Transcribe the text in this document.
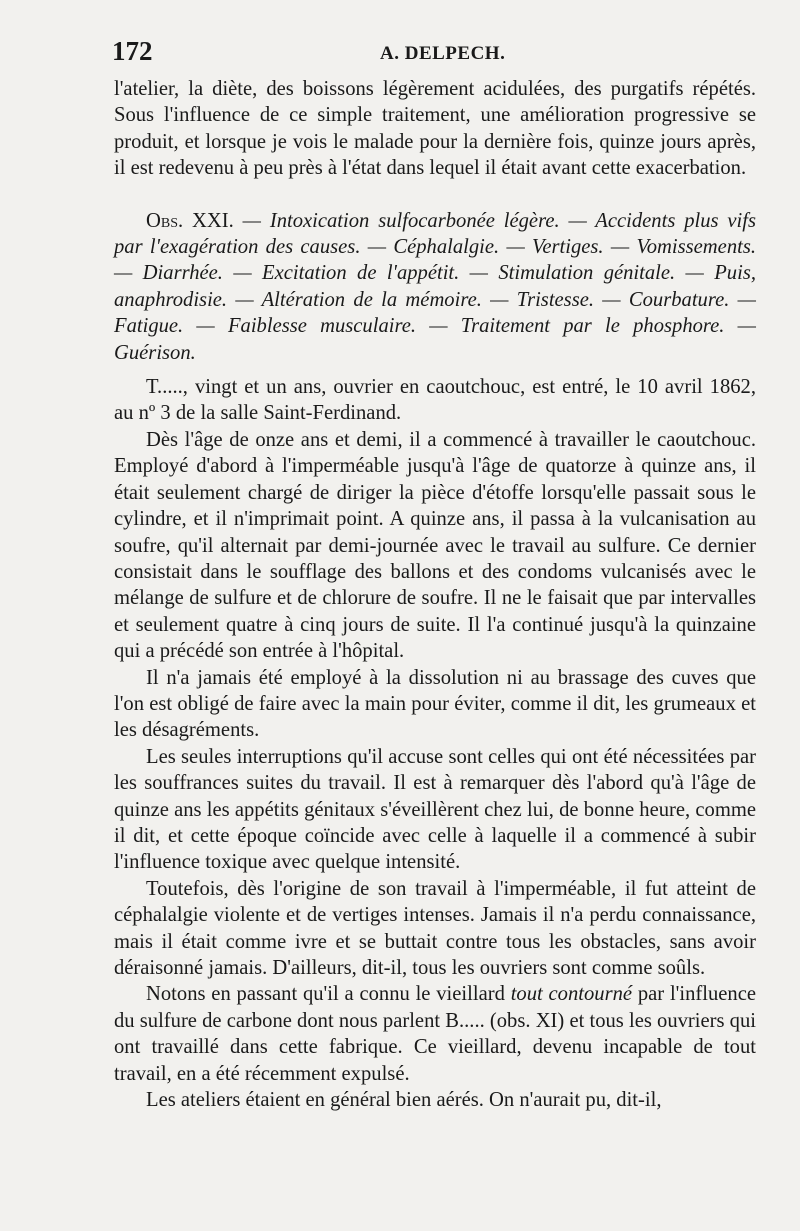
172	A. DELPECH.

l'atelier, la diète, des boissons légèrement acidulées, des purgatifs répétés. Sous l'influence de ce simple traitement, une amélioration progressive se produit, et lorsque je vois le malade pour la dernière fois, quinze jours après, il est redevenu à peu près à l'état dans lequel il était avant cette exacerbation.

Obs. XXI. — Intoxication sulfocarbonée légère. — Accidents plus vifs par l'exagération des causes. — Céphalalgie. — Vertiges. — Vomissements. — Diarrhée. — Excitation de l'appétit. — Stimulation génitale. — Puis, anaphrodisie. — Altération de la mémoire. — Tristesse. — Courbature. — Fatigue. — Faiblesse musculaire. — Traitement par le phosphore. — Guérison.

T....., vingt et un ans, ouvrier en caoutchouc, est entré, le 10 avril 1862, au nº 3 de la salle Saint-Ferdinand.

Dès l'âge de onze ans et demi, il a commencé à travailler le caoutchouc. Employé d'abord à l'imperméable jusqu'à l'âge de quatorze à quinze ans, il était seulement chargé de diriger la pièce d'étoffe lorsqu'elle passait sous le cylindre, et il n'imprimait point. A quinze ans, il passa à la vulcanisation au soufre, qu'il alternait par demi-journée avec le travail au sulfure. Ce dernier consistait dans le soufflage des ballons et des condoms vulcanisés avec le mélange de sulfure et de chlorure de soufre. Il ne le faisait que par intervalles et seulement quatre à cinq jours de suite. Il l'a continué jusqu'à la quinzaine qui a précédé son entrée à l'hôpital.

Il n'a jamais été employé à la dissolution ni au brassage des cuves que l'on est obligé de faire avec la main pour éviter, comme il dit, les grumeaux et les désagréments.

Les seules interruptions qu'il accuse sont celles qui ont été nécessitées par les souffrances suites du travail. Il est à remarquer dès l'abord qu'à l'âge de quinze ans les appétits génitaux s'éveillèrent chez lui, de bonne heure, comme il dit, et cette époque coïncide avec celle à laquelle il a commencé à subir l'influence toxique avec quelque intensité.

Toutefois, dès l'origine de son travail à l'imperméable, il fut atteint de céphalalgie violente et de vertiges intenses. Jamais il n'a perdu connaissance, mais il était comme ivre et se buttait contre tous les obstacles, sans avoir déraisonné jamais. D'ailleurs, dit-il, tous les ouvriers sont comme soûls.

Notons en passant qu'il a connu le vieillard tout contourné par l'influence du sulfure de carbone dont nous parlent B..... (obs. XI) et tous les ouvriers qui ont travaillé dans cette fabrique. Ce vieillard, devenu incapable de tout travail, en a été récemment expulsé.

Les ateliers étaient en général bien aérés. On n'aurait pu, dit-il,
